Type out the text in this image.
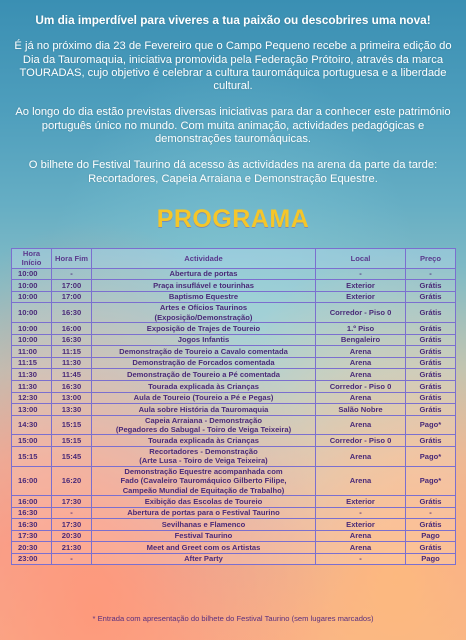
Um dia imperdível para viveres a tua paixão ou descobrires uma nova!

É já no próximo dia 23 de Fevereiro que o Campo Pequeno recebe a primeira edição do Dia da Tauromaquia, iniciativa promovida pela Federação Prótoiro, através da marca TOURADAS, cujo objetivo é celebrar a cultura tauromáquica portuguesa e a liberdade cultural.

Ao longo do dia estão previstas diversas iniciativas para dar a conhecer este património português único no mundo. Com muita animação, actividades pedagógicas e demonstrações tauromáquicas.

O bilhete do Festival Taurino dá acesso às actividades na arena da parte da tarde: Recortadores, Capeia Arraiana e Demonstração Equestre.

PROGRAMA
Hora Início	Hora Fim	Actividade	Local	Preço
10:00	-	Abertura de portas	-	-
10:00	17:00	Praça insuflável e tourinhas	Exterior	Grátis
10:00	17:00	Baptismo Equestre	Exterior	Grátis
10:00	16:30	Artes e Ofícios Taurinos
(Exposição/Demonstração)	Corredor - Piso 0	Grátis
10:00	16:00	Exposição de Trajes de Toureio	1.º Piso	Grátis
10:00	16:30	Jogos Infantis	Bengaleiro	Grátis
11:00	11:15	Demonstração de Toureio a Cavalo comentada	Arena	Grátis
11:15	11:30	Demonstração de Forcados comentada	Arena	Grátis
11:30	11:45	Demonstração de Toureio a Pé comentada	Arena	Grátis
11:30	16:30	Tourada explicada às Crianças	Corredor - Piso 0	Grátis
12:30	13:00	Aula de Toureio (Toureio a Pé e Pegas)	Arena	Grátis
13:00	13:30	Aula sobre História da Tauromaquia	Salão Nobre	Grátis
14:30	15:15	Capeia Arraiana - Demonstração
(Pegadores do Sabugal - Toiro de Veiga Teixeira)	Arena	Pago*
15:00	15:15	Tourada explicada às Crianças	Corredor - Piso 0	Grátis
15:15	15:45	Recortadores - Demonstração
(Arte Lusa - Toiro de Veiga Teixeira)	Arena	Pago*
16:00	16:20	Demonstração Equestre acompanhada com
Fado (Cavaleiro Tauromáquico Gilberto Filipe,
Campeão Mundial de Equitação de Trabalho)	Arena	Pago*
16:00	17:30	Exibição das Escolas de Toureio	Exterior	Grátis
16:30	-	Abertura de portas para o Festival Taurino	-	-
16:30	17:30	Sevilhanas e Flamenco	Exterior	Grátis
17:30	20:30	Festival Taurino	Arena	Pago
20:30	21:30	Meet and Greet com os Artistas	Arena	Grátis
23:00	-	After Party	-	Pago
* Entrada com apresentação do bilhete do Festival Taurino (sem lugares marcados)
